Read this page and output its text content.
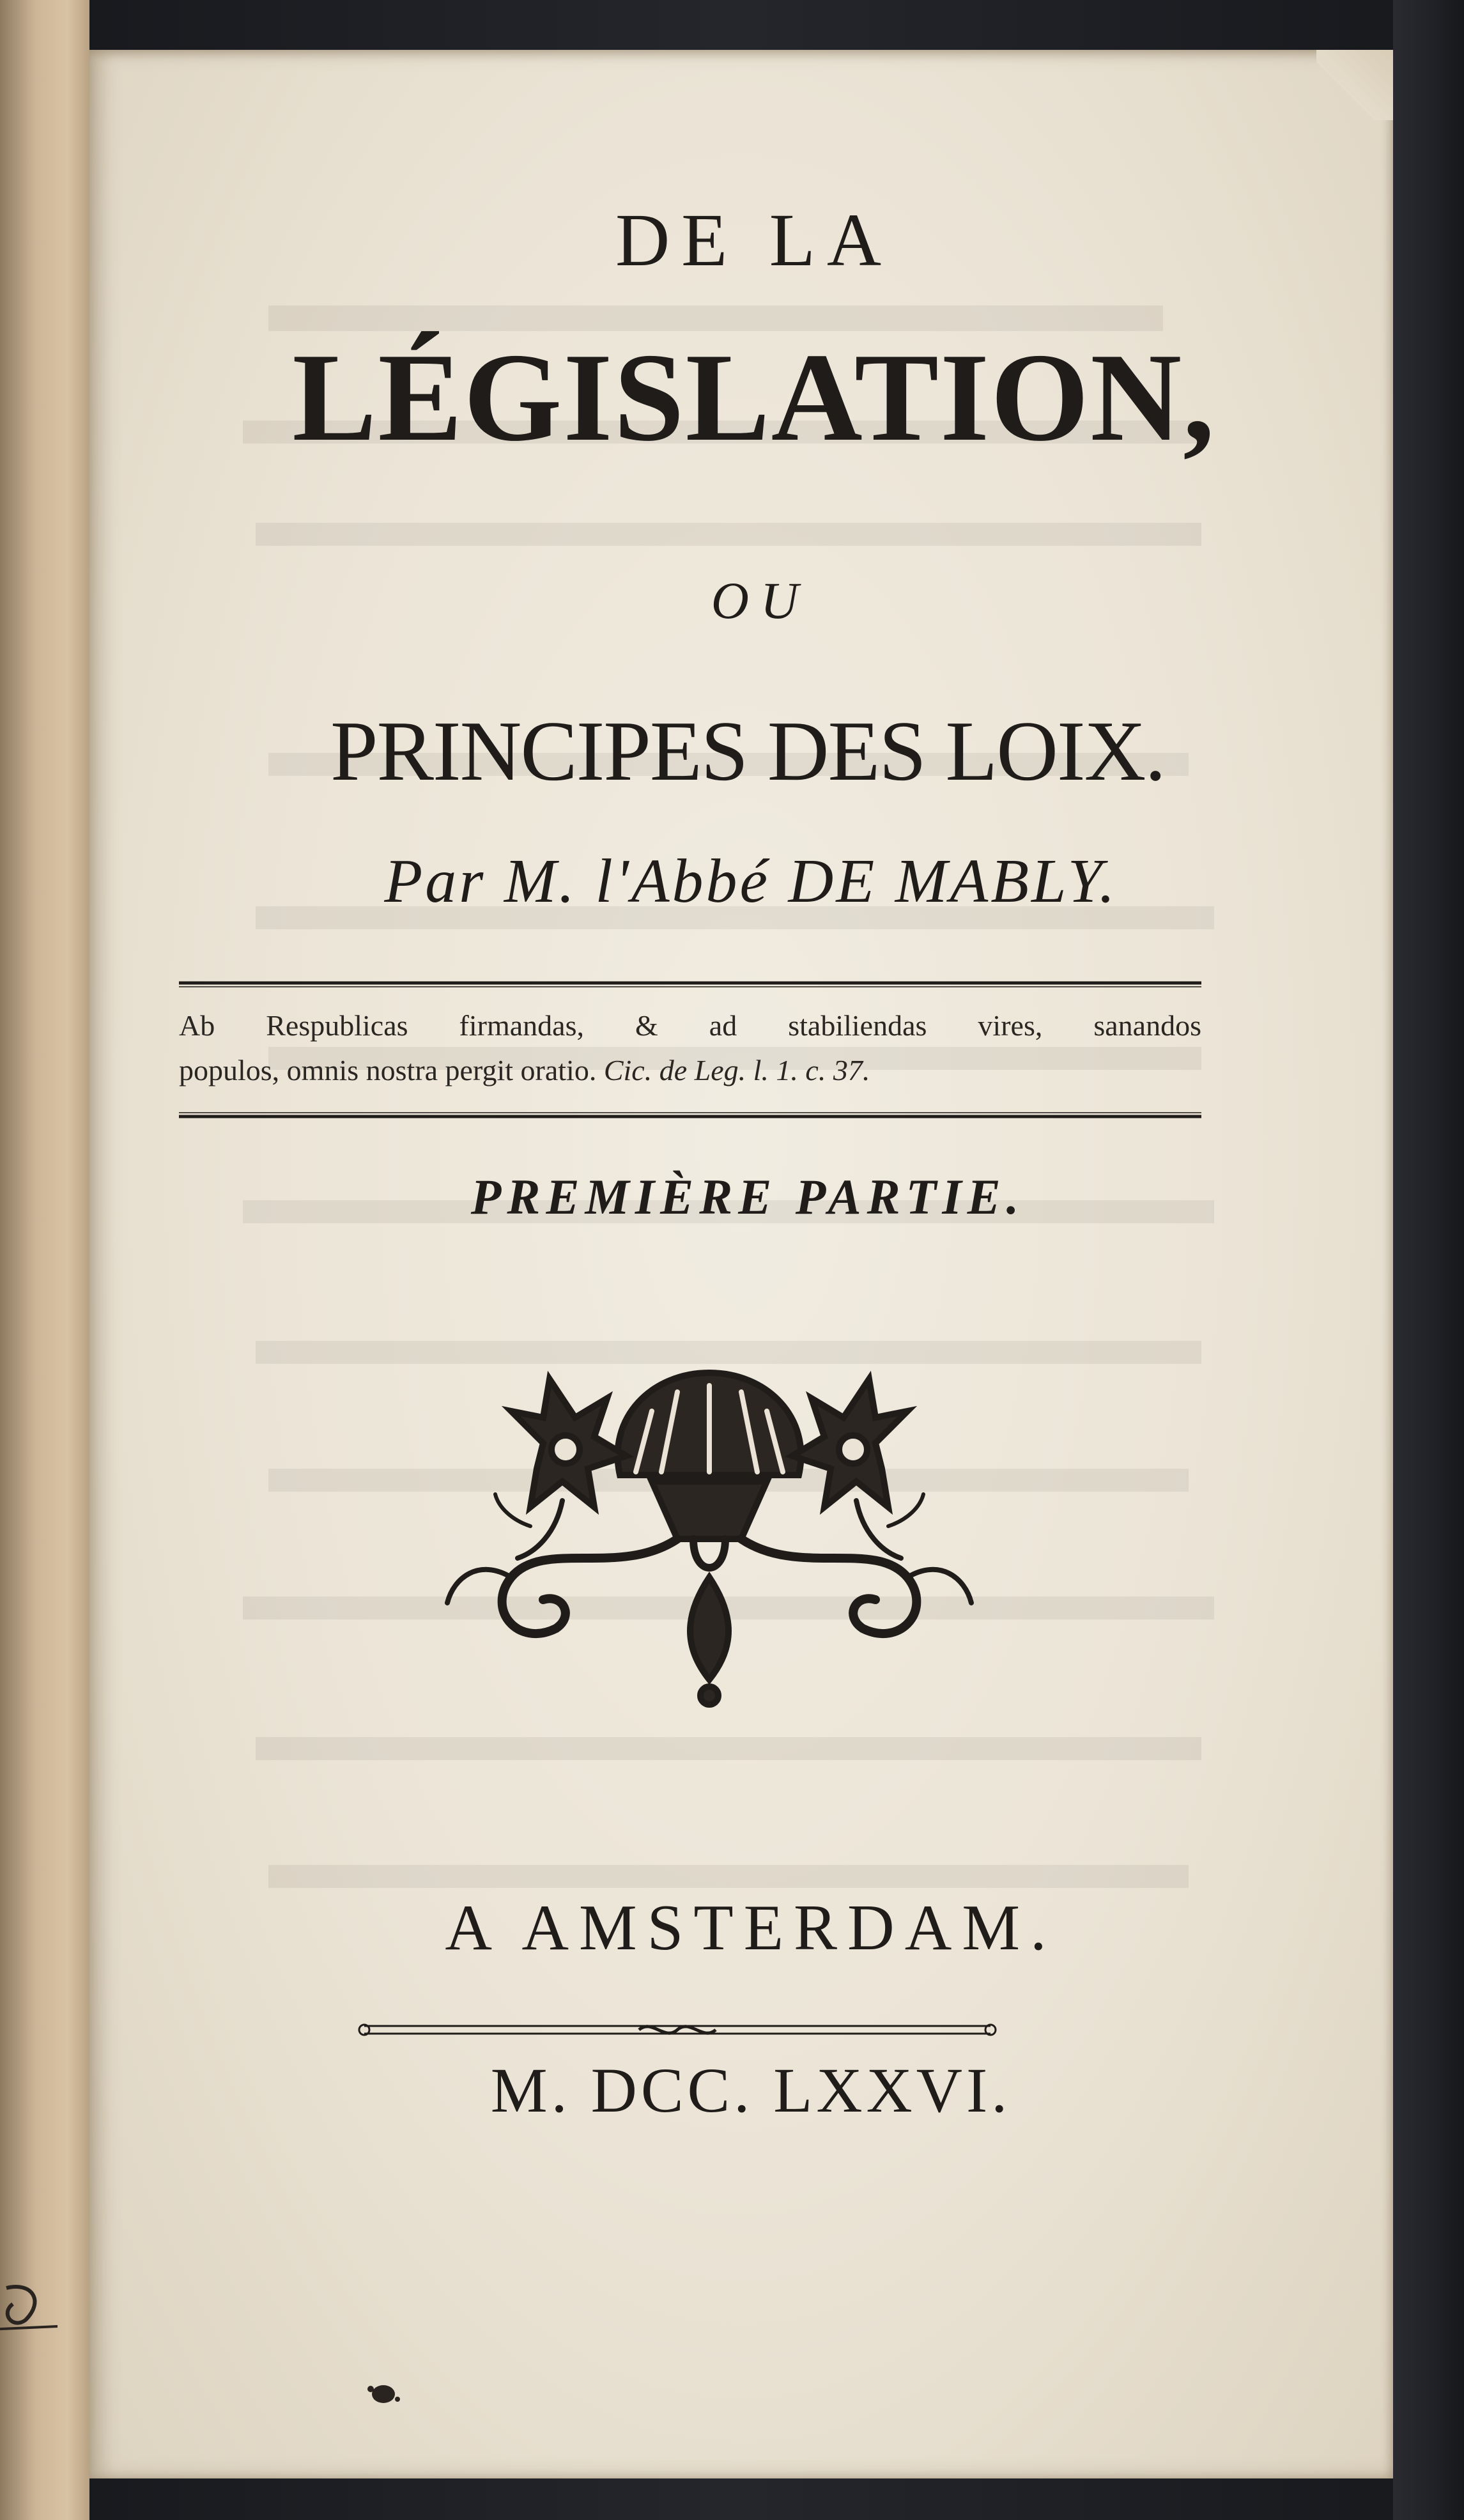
DE LA
LÉGISLATION,
OU
PRINCIPES DES LOIX.
Par M. l'Abbé DE MABLY.
Ab Respublicas firmandas, & ad stabiliendas vires, sanandos
populos, omnis nostra pergit oratio. Cic. de Leg. l. 1. c. 37.
PREMIÈRE PARTIE.
A AMSTERDAM.
M. DCC. LXXVI.
